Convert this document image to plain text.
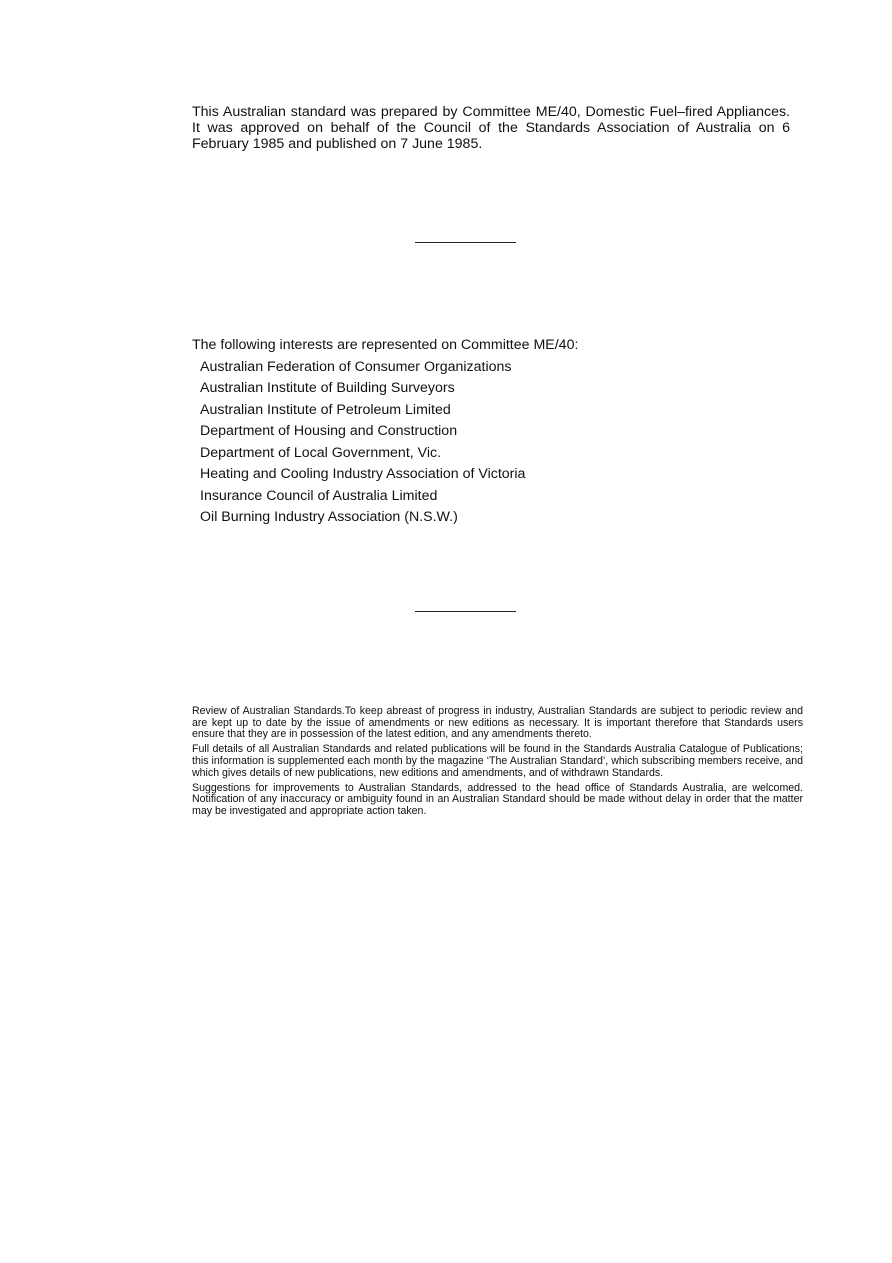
This Australian standard was prepared by Committee ME/40, Domestic Fuel–fired Appliances. It was approved on behalf of the Council of the Standards Association of Australia on 6 February 1985 and published on 7 June 1985.

The following interests are represented on Committee ME/40:
Australian Federation of Consumer Organizations
Australian Institute of Building Surveyors
Australian Institute of Petroleum Limited
Department of Housing and Construction
Department of Local Government, Vic.
Heating and Cooling Industry Association of Victoria
Insurance Council of Australia Limited
Oil Burning Industry Association (N.S.W.)

Review of Australian Standards.To keep abreast of progress in industry, Australian Standards are subject to periodic review and are kept up to date by the issue of amendments or new editions as necessary. It is important therefore that Standards users ensure that they are in possession of the latest edition, and any amendments thereto.

Full details of all Australian Standards and related publications will be found in the Standards Australia Catalogue of Publications; this information is supplemented each month by the magazine ‘The Australian Standard’, which subscribing members receive, and which gives details of new publications, new editions and amendments, and of withdrawn Standards.

Suggestions for improvements to Australian Standards, addressed to the head office of Standards Australia, are welcomed. Notification of any inaccuracy or ambiguity found in an Australian Standard should be made without delay in order that the matter may be investigated and appropriate action taken.
